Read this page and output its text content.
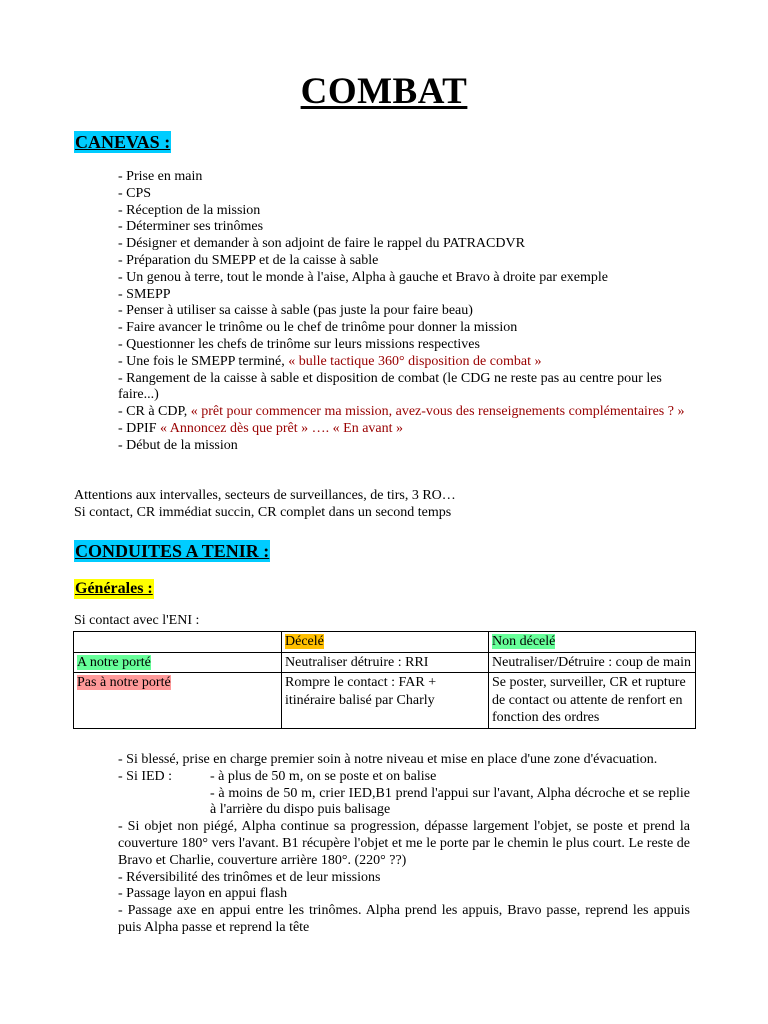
COMBAT
CANEVAS :
- Prise en main
- CPS
- Réception de la mission
- Déterminer ses trinômes
- Désigner et demander à son adjoint de faire le rappel du PATRACDVR
- Préparation du SMEPP et de la caisse à sable
- Un genou à terre, tout le monde à l'aise, Alpha à gauche et Bravo à droite par exemple
- SMEPP
- Penser à utiliser sa caisse à sable (pas juste la pour faire beau)
- Faire avancer le trinôme ou le chef de trinôme pour donner la mission
- Questionner les chefs de trinôme sur leurs missions respectives
- Une fois le SMEPP terminé, « bulle tactique 360° disposition de combat »
- Rangement de la caisse à sable et disposition de combat (le CDG ne reste pas au centre pour les faire...)
- CR à CDP, « prêt pour commencer ma mission, avez-vous des renseignements complémentaires ? »
- DPIF « Annoncez dès que prêt » …. « En avant »
- Début de la mission
Attentions aux intervalles, secteurs de surveillances, de tirs, 3 RO…
Si contact, CR immédiat succin, CR complet dans un second temps
CONDUITES A TENIR :
Générales :
Si contact avec l'ENI :
	Décelé	Non décelé
A notre porté	Neutraliser détruire : RRI	Neutraliser/Détruire : coup de main
Pas à notre porté	Rompre le contact : FAR + itinéraire balisé par Charly	Se poster, surveiller, CR et rupture de contact ou attente de renfort en fonction des ordres

- Si blessé, prise en charge premier soin à notre niveau et mise en place d'une zone d'évacuation.

- Si IED :	- à plus de 50 m, on se poste et on balise
- à moins de 50 m, crier IED,B1 prend l'appui sur l'avant, Alpha décroche et se replie à l'arrière du dispo puis balisage

- Si objet non piégé, Alpha continue sa progression, dépasse largement l'objet, se poste et prend la couverture 180° vers l'avant. B1 récupère l'objet et me le porte par le chemin le plus court. Le reste de Bravo et Charlie, couverture arrière 180°. (220° ??)

- Réversibilité des trinômes et de leur missions

- Passage layon en appui flash

- Passage axe en appui entre les trinômes. Alpha prend les appuis, Bravo passe, reprend les appuis puis Alpha passe et reprend la tête
